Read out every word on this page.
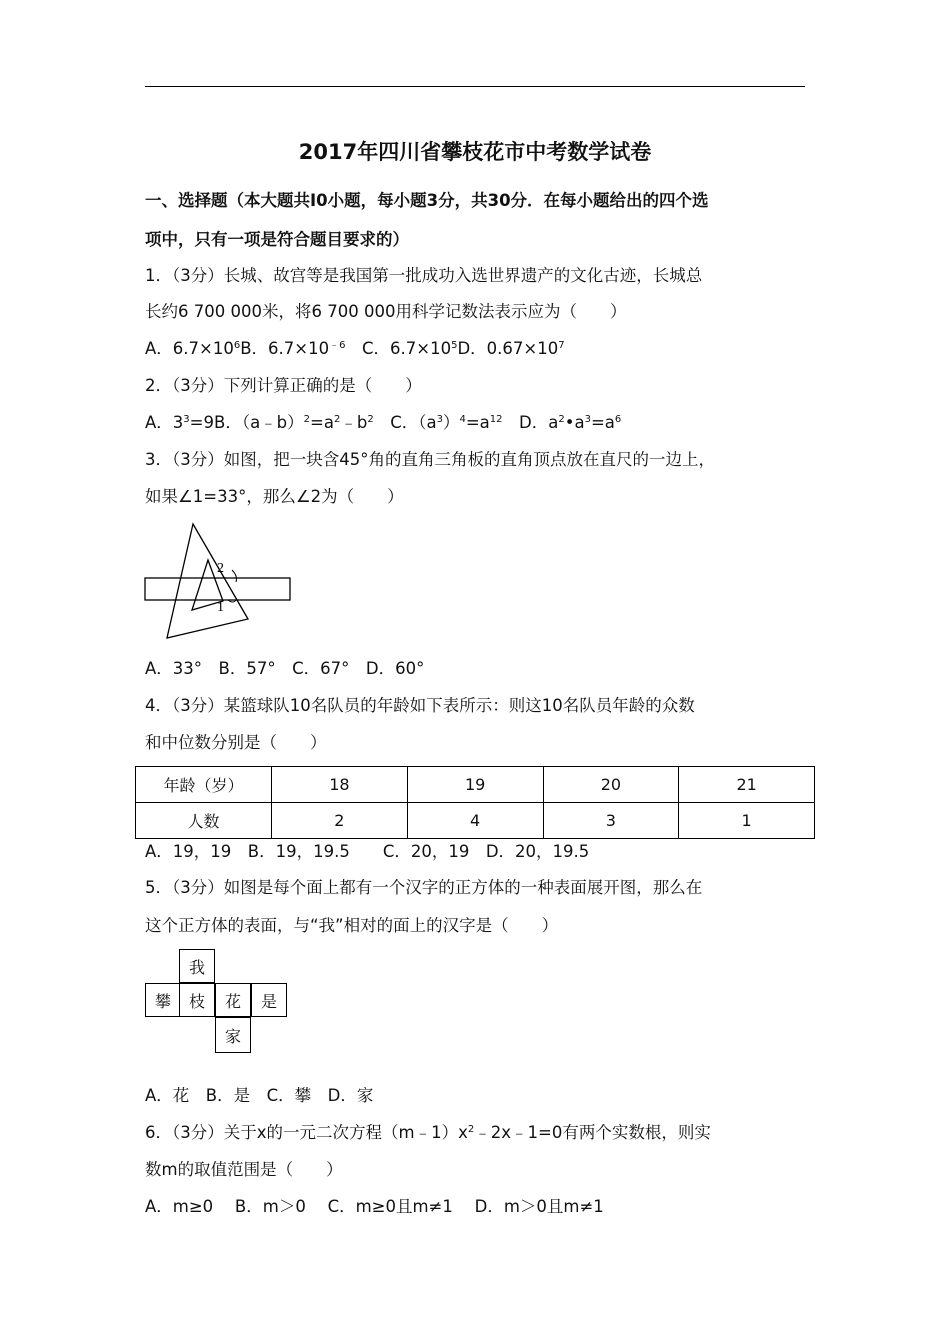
2017年四川省攀枝花市中考数学试卷
一、选择题（本大题共I0小题，每小题3分，共30分．在每小题给出的四个选
项中，只有一项是符合题目要求的）
1．（3分）长城、故宫等是我国第一批成功入选世界遗产的文化古迹，长城总
长约6 700 000米，将6 700 000用科学记数法表示应为（　　）
A．$6.7\times 10^6B$．$6.7\times 10^{﹣6}$　C．$6.7\times 10^5D$．$0.67\times 10^7$
2．（3分）下列计算正确的是（　　）
A．$3^3=9B$．$(a﹣b)^2=a^2﹣b^2$　C．$(a^3)^4=a^{12}$　D．$a^2•a^3=a^6$
3．（3分）如图，把一块含45°角的直角三角板的直角顶点放在直尺的一边上，
如果∠1=33°，那么∠2为（　　）
2
1
A．33°　B．57°　C．67°　D．60°
4．（3分）某篮球队10名队员的年龄如下表所示：则这10名队员年龄的众数
和中位数分别是（　　）
年龄（岁）	18	19	20	21
人数	2	4	3	1
A．19，19　B．19，19.5　　C．20，19　D．20，19.5
5．（3分）如图是每个面上都有一个汉字的正方体的一种表面展开图，那么在
这个正方体的表面，与“我”相对的面上的汉字是（　　）
我
攀	枝	花	是
家
A．花　B．是　C．攀　D．家
6．（3分）关于x的一元二次方程$(m﹣1)x^2﹣2x﹣1=0$有两个实数根，则实
数m的取值范围是（　　）
A．m≥0　 B．m＞0　 C．m≥0且m≠1　 D．m＞0且m≠1
